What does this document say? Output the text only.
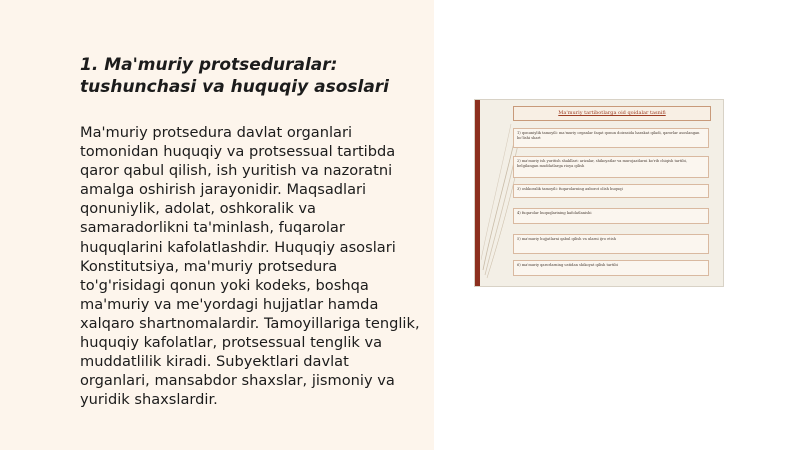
1. Ma'muriy protseduralar: tushunchasi va huquqiy asoslari

Ma'muriy protsedura davlat organlari tomonidan huquqiy va protsessual tartibda qaror qabul qilish, ish yuritish va nazoratni amalga oshirish jarayonidir. Maqsadlari qonuniylik, adolat, oshkoralik va samaradorlikni ta'minlash, fuqarolar huquqlarini kafolatlashdir. Huquqiy asoslari Konstitutsiya, ma'muriy protsedura to'g'risidagi qonun yoki kodeks, boshqa ma'muriy va me'yordagi hujjatlar hamda xalqaro shartnomalardir. Tamoyillariga tenglik, huquqiy kafolatlar, protsessual tenglik va muddatlilik kiradi. Subyektlari davlat organlari, mansabdor shaxslar, jismoniy va yuridik shaxslardir.

Ma'muriy tartibotlarga oid qoidalar tasnifi
1) qonuniylik tamoyili: ma'muriy organlar faqat qonun doirasida harakat qiladi, qarorlar asoslangan bo'lishi shart
2) ma'muriy ish yuritish shakllari: arizalar, shikoyatlar va murojaatlarni ko'rib chiqish tartibi, belgilangan muddatlarga rioya qilish
3) oshkoralik tamoyili: fuqarolarning axborot olish huquqi
4) fuqarolar huquqlarining kafolatlanishi
5) ma'muriy hujjatlarni qabul qilish va ularni ijro etish
6) ma'muriy qarorlarning ustidan shikoyat qilish tartibi
